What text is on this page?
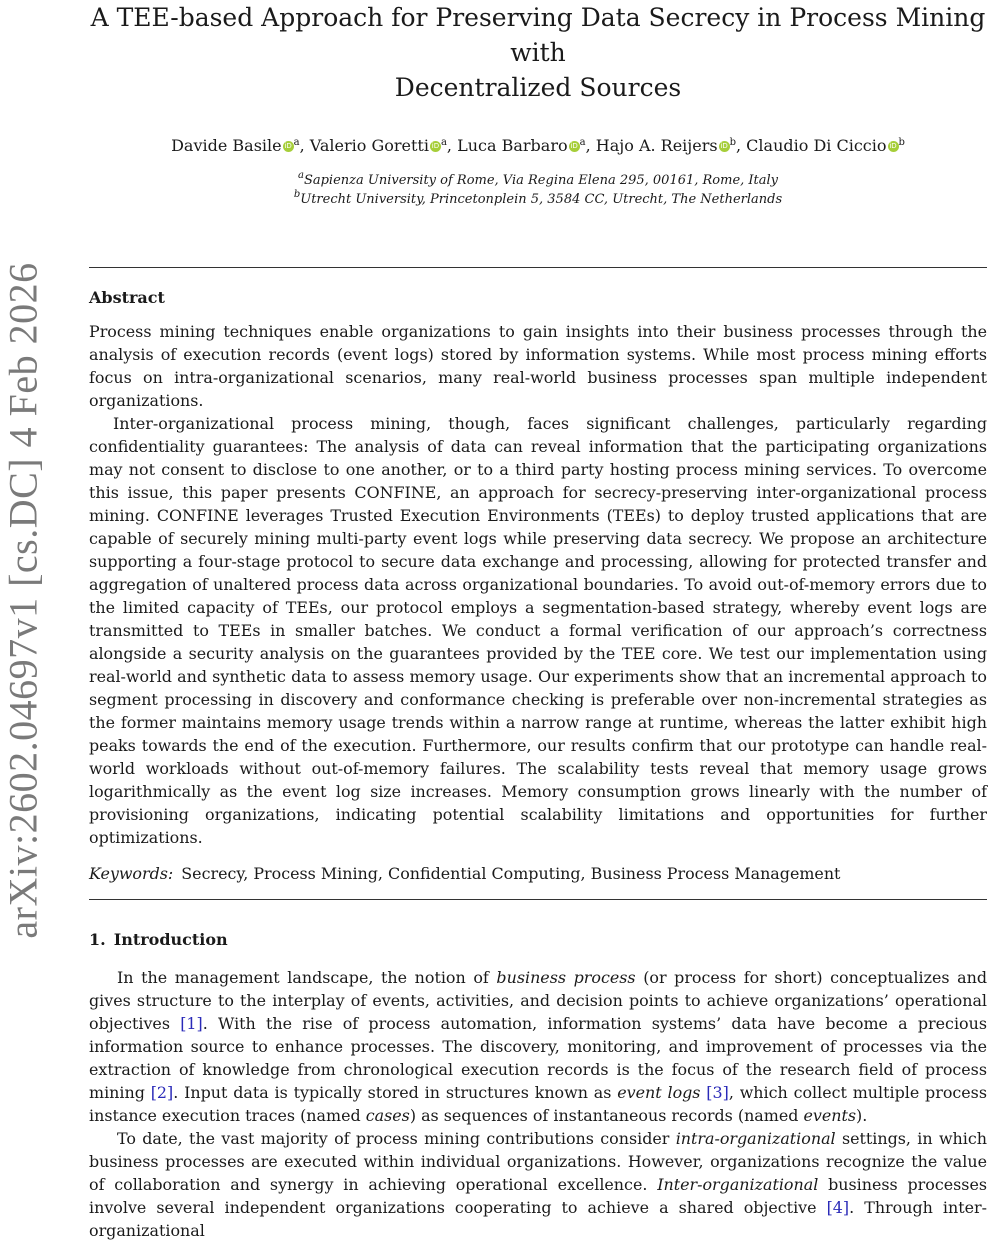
arXiv:2602.04697v1 [cs.DC] 4 Feb 2026
A TEE-based Approach for Preserving Data Secrecy in Process Mining with
Decentralized Sources
Davide Basile iD $^a$, Valerio Goretti iD $^a$, Luca Barbaro iD $^a$, Hajo A. Reijers iD $^b$, Claudio Di Ciccio iD $^b$
$^a$Sapienza University of Rome, Via Regina Elena 295, 00161, Rome, Italy
$^b$Utrecht University, Princetonplein 5, 3584 CC, Utrecht, The Netherlands
Abstract

Process mining techniques enable organizations to gain insights into their business processes through the analysis of execution records (event logs) stored by information systems. While most process mining efforts focus on intra-organizational scenarios, many real-world business processes span multiple independent organizations.

Inter-organizational process mining, though, faces significant challenges, particularly regarding confidentiality guarantees: The analysis of data can reveal information that the participating organizations may not consent to disclose to one another, or to a third party hosting process mining services. To overcome this issue, this paper presents CONFINE, an approach for secrecy-preserving inter-organizational process mining. CONFINE leverages Trusted Execution Environments (TEEs) to deploy trusted applications that are capable of securely mining multi-party event logs while preserving data secrecy. We propose an architecture supporting a four-stage protocol to secure data exchange and processing, allowing for protected transfer and aggregation of unaltered process data across organizational boundaries. To avoid out-of-memory errors due to the limited capacity of TEEs, our protocol employs a segmentation-based strategy, whereby event logs are transmitted to TEEs in smaller batches. We conduct a formal verification of our approach’s correctness alongside a security analysis on the guarantees provided by the TEE core. We test our implementation using real-world and synthetic data to assess memory usage. Our experiments show that an incremental approach to segment processing in discovery and conformance checking is preferable over non-incremental strategies as the former maintains memory usage trends within a narrow range at runtime, whereas the latter exhibit high peaks towards the end of the execution. Furthermore, our results confirm that our prototype can handle real-world workloads without out-of-memory failures. The scalability tests reveal that memory usage grows logarithmically as the event log size increases. Memory consumption grows linearly with the number of provisioning organizations, indicating potential scalability limitations and opportunities for further optimizations.

Keywords: Secrecy, Process Mining, Confidential Computing, Business Process Management
1. Introduction

In the management landscape, the notion of business process (or process for short) conceptualizes and gives structure to the interplay of events, activities, and decision points to achieve organizations’ operational objectives [1]. With the rise of process automation, information systems’ data have become a precious information source to enhance processes. The discovery, monitoring, and improvement of processes via the extraction of knowledge from chronological execution records is the focus of the research field of process mining [2]. Input data is typically stored in structures known as event logs [3], which collect multiple process instance execution traces (named cases) as sequences of instantaneous records (named events).

To date, the vast majority of process mining contributions consider intra-organizational settings, in which business processes are executed within individual organizations. However, organizations recognize the value of collaboration and synergy in achieving operational excellence. Inter-organizational business processes involve several independent organizations cooperating to achieve a shared objective [4]. Through inter-organizational
